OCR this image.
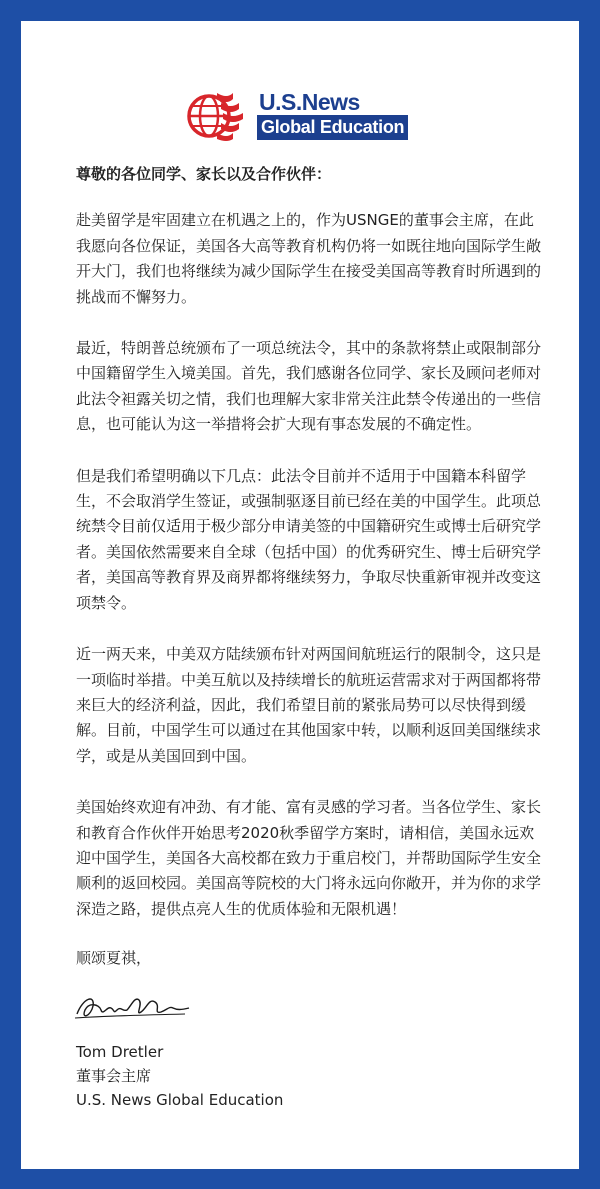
U.S.News
Global Education
尊敬的各位同学、家长以及合作伙伴：

赴美留学是牢固建立在机遇之上的，作为USNGE的董事会主席，在此我愿向各位保证，美国各大高等教育机构仍将一如既往地向国际学生敞开大门，我们也将继续为减少国际学生在接受美国高等教育时所遇到的挑战而不懈努力。

最近，特朗普总统颁布了一项总统法令，其中的条款将禁止或限制部分中国籍留学生入境美国。首先，我们感谢各位同学、家长及顾问老师对此法令袒露关切之情，我们也理解大家非常关注此禁令传递出的一些信息，也可能认为这一举措将会扩大现有事态发展的不确定性。

但是我们希望明确以下几点：此法令目前并不适用于中国籍本科留学生，不会取消学生签证，或强制驱逐目前已经在美的中国学生。此项总统禁令目前仅适用于极少部分申请美签的中国籍研究生或博士后研究学者。美国依然需要来自全球（包括中国）的优秀研究生、博士后研究学者，美国高等教育界及商界都将继续努力，争取尽快重新审视并改变这项禁令。

近一两天来，中美双方陆续颁布针对两国间航班运行的限制令，这只是一项临时举措。中美互航以及持续增长的航班运营需求对于两国都将带来巨大的经济利益，因此，我们希望目前的紧张局势可以尽快得到缓解。目前，中国学生可以通过在其他国家中转，以顺利返回美国继续求学，或是从美国回到中国。

美国始终欢迎有冲劲、有才能、富有灵感的学习者。当各位学生、家长和教育合作伙伴开始思考2020秋季留学方案时，请相信，美国永远欢迎中国学生，美国各大高校都在致力于重启校门，并帮助国际学生安全顺利的返回校园。美国高等院校的大门将永远向你敞开，并为你的求学深造之路，提供点亮人生的优质体验和无限机遇！

顺颂夏祺，
Tom Dretler
董事会主席
U.S. News Global Education
